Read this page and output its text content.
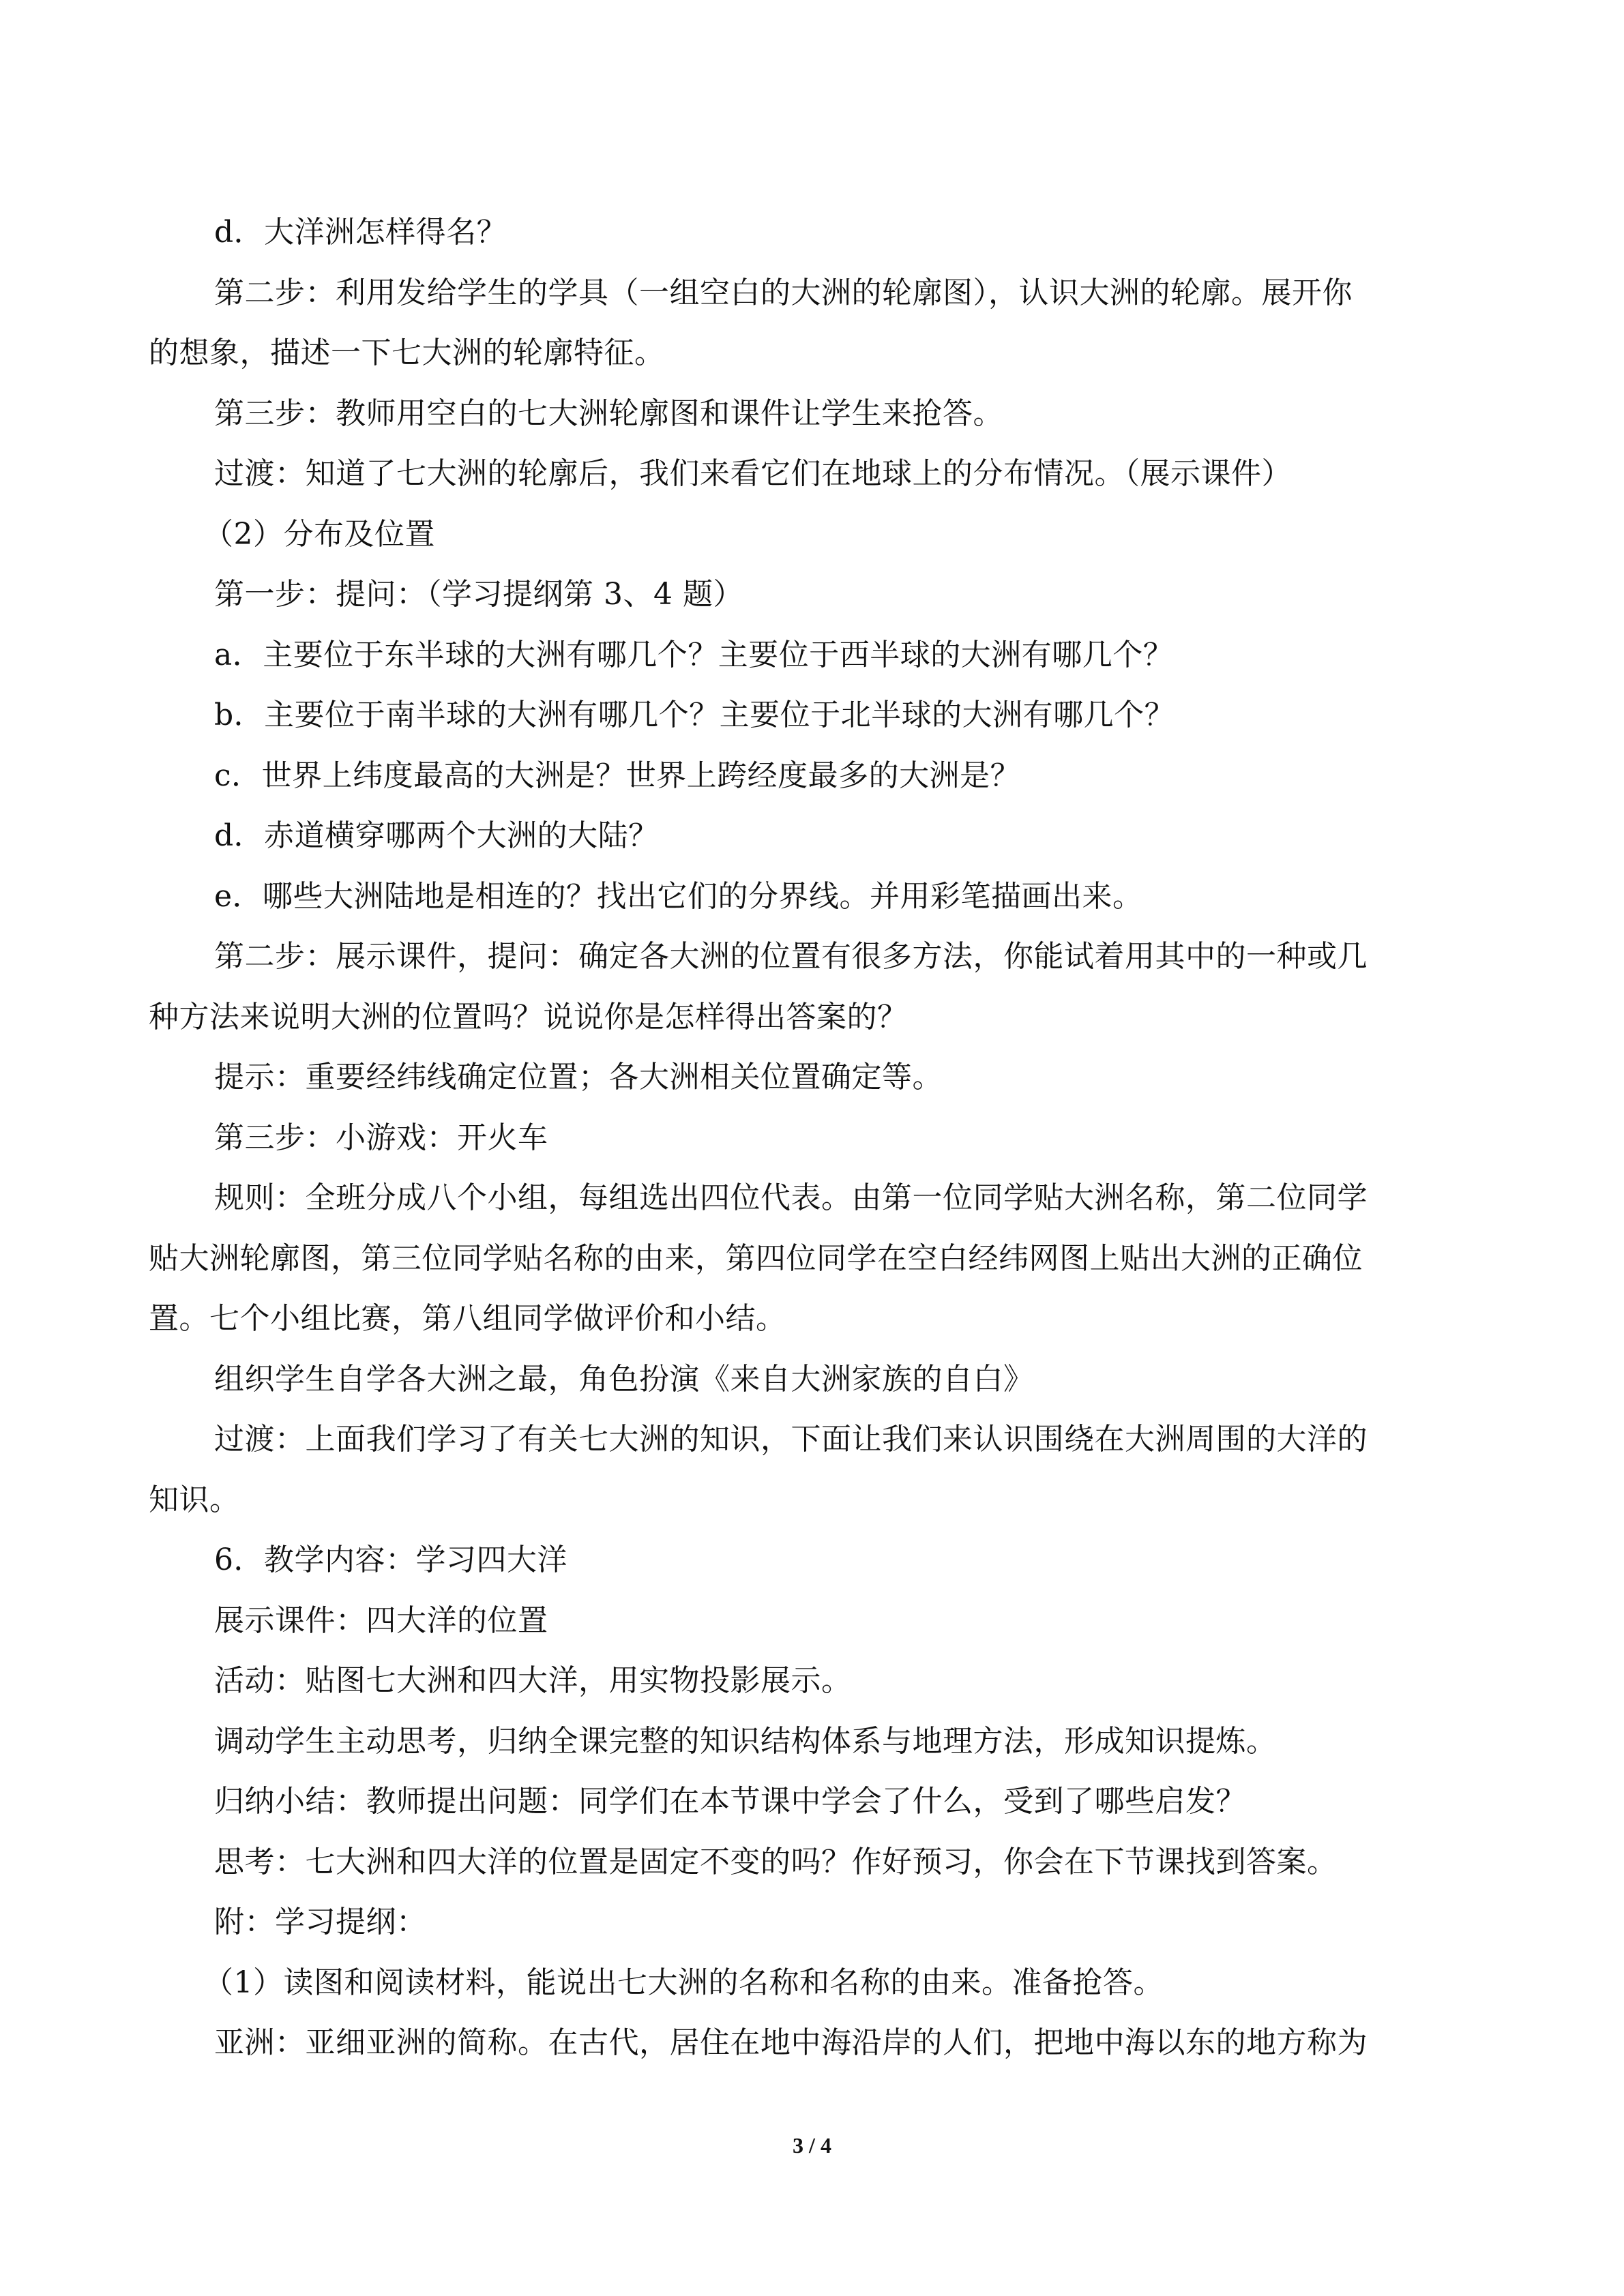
d．大洋洲怎样得名？
第二步：利用发给学生的学具（一组空白的大洲的轮廓图），认识大洲的轮廓。展开你
的想象，描述一下七大洲的轮廓特征。
第三步：教师用空白的七大洲轮廓图和课件让学生来抢答。
过渡：知道了七大洲的轮廓后，我们来看它们在地球上的分布情况。（展示课件）
（2）分布及位置
第一步：提问：（学习提纲第 3、4 题）
a．主要位于东半球的大洲有哪几个？主要位于西半球的大洲有哪几个？
b．主要位于南半球的大洲有哪几个？主要位于北半球的大洲有哪几个？
c．世界上纬度最高的大洲是？世界上跨经度最多的大洲是？
d．赤道横穿哪两个大洲的大陆？
e．哪些大洲陆地是相连的？找出它们的分界线。并用彩笔描画出来。
第二步：展示课件，提问：确定各大洲的位置有很多方法，你能试着用其中的一种或几
种方法来说明大洲的位置吗？说说你是怎样得出答案的？
提示：重要经纬线确定位置；各大洲相关位置确定等。
第三步：小游戏：开火车
规则：全班分成八个小组，每组选出四位代表。由第一位同学贴大洲名称，第二位同学
贴大洲轮廓图，第三位同学贴名称的由来，第四位同学在空白经纬网图上贴出大洲的正确位
置。七个小组比赛，第八组同学做评价和小结。
组织学生自学各大洲之最，角色扮演《来自大洲家族的自白》
过渡：上面我们学习了有关七大洲的知识，下面让我们来认识围绕在大洲周围的大洋的
知识。
6．教学内容：学习四大洋
展示课件：四大洋的位置
活动：贴图七大洲和四大洋，用实物投影展示。
调动学生主动思考，归纳全课完整的知识结构体系与地理方法，形成知识提炼。
归纳小结：教师提出问题：同学们在本节课中学会了什么，受到了哪些启发？
思考：七大洲和四大洋的位置是固定不变的吗？作好预习，你会在下节课找到答案。
附：学习提纲：
（1）读图和阅读材料，能说出七大洲的名称和名称的由来。准备抢答。
亚洲：亚细亚洲的简称。在古代，居住在地中海沿岸的人们，把地中海以东的地方称为
3 / 4
